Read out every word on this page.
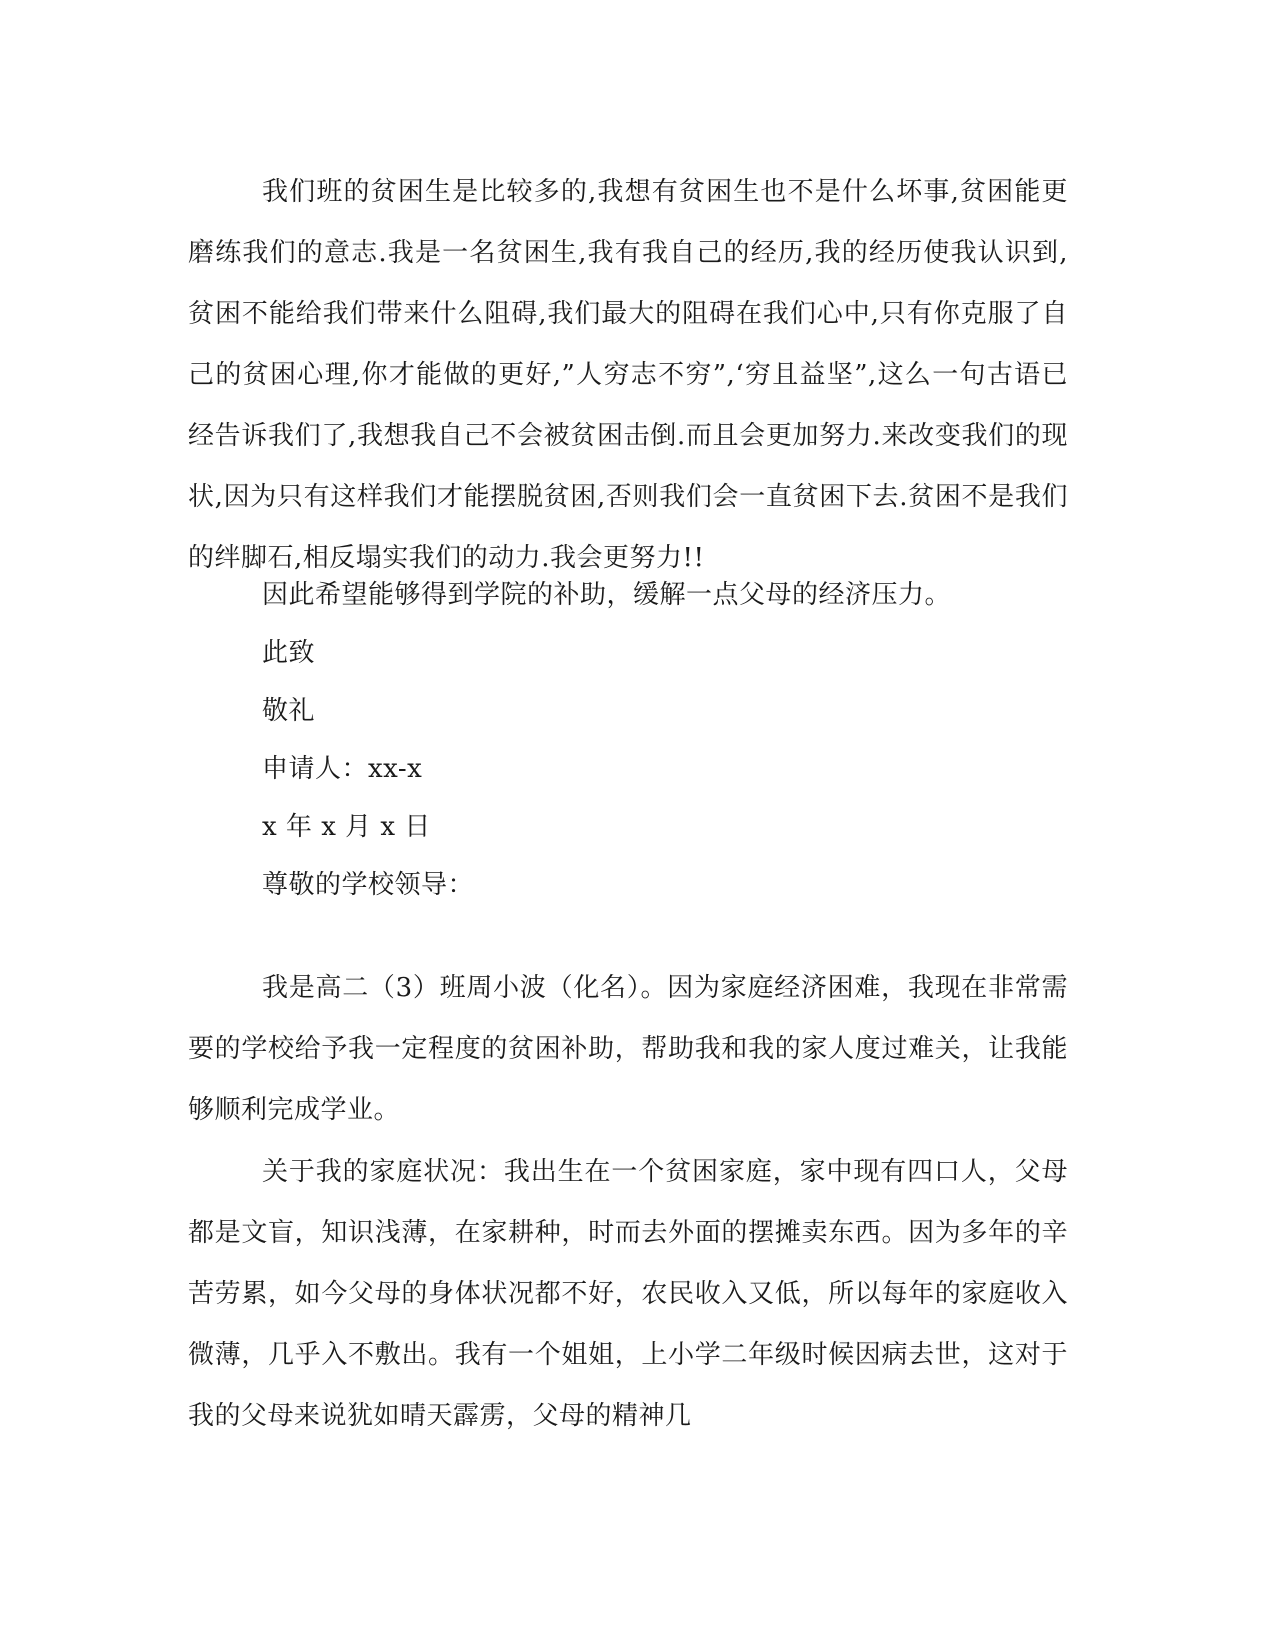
我们班的贫困生是比较多的,我想有贫困生也不是什么坏事,贫困能更磨练我们的意志.我是一名贫困生,我有我自己的经历,我的经历使我认识到,贫困不能给我们带来什么阻碍,我们最大的阻碍在我们心中,只有你克服了自己的贫困心理,你才能做的更好,”人穷志不穷”,‘穷且益坚”,这么一句古语已经告诉我们了,我想我自己不会被贫困击倒.而且会更加努力.来改变我们的现状,因为只有这样我们才能摆脱贫困,否则我们会一直贫困下去.贫困不是我们的绊脚石,相反塌实我们的动力.我会更努力!!

因此希望能够得到学院的补助，缓解一点父母的经济压力。
此致
敬礼
申请人：xx-x
x 年 x 月 x 日
尊敬的学校领导：

我是高二（3）班周小波（化名）。因为家庭经济困难，我现在非常需要的学校给予我一定程度的贫困补助，帮助我和我的家人度过难关，让我能够顺利完成学业。

关于我的家庭状况：我出生在一个贫困家庭，家中现有四口人，父母都是文盲，知识浅薄，在家耕种，时而去外面的摆摊卖东西。因为多年的辛苦劳累，如今父母的身体状况都不好，农民收入又低，所以每年的家庭收入微薄，几乎入不敷出。我有一个姐姐，上小学二年级时候因病去世，这对于我的父母来说犹如晴天霹雳，父母的精神几
